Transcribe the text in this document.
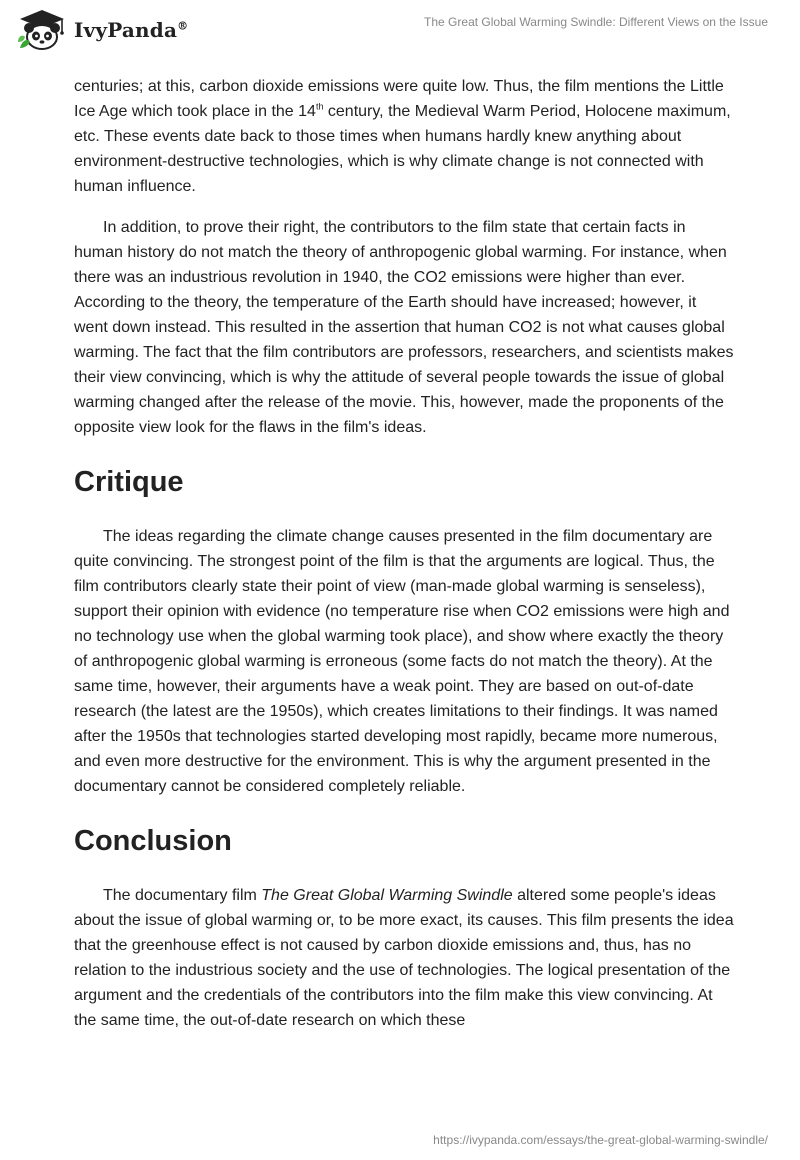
IvyPanda®	The Great Global Warming Swindle: Different Views on the Issue

centuries; at this, carbon dioxide emissions were quite low. Thus, the film mentions the Little Ice Age which took place in the 14th century, the Medieval Warm Period, Holocene maximum, etc. These events date back to those times when humans hardly knew anything about environment-destructive technologies, which is why climate change is not connected with human influence.

In addition, to prove their right, the contributors to the film state that certain facts in human history do not match the theory of anthropogenic global warming. For instance, when there was an industrious revolution in 1940, the CO2 emissions were higher than ever. According to the theory, the temperature of the Earth should have increased; however, it went down instead. This resulted in the assertion that human CO2 is not what causes global warming. The fact that the film contributors are professors, researchers, and scientists makes their view convincing, which is why the attitude of several people towards the issue of global warming changed after the release of the movie. This, however, made the proponents of the opposite view look for the flaws in the film's ideas.

Critique

The ideas regarding the climate change causes presented in the film documentary are quite convincing. The strongest point of the film is that the arguments are logical. Thus, the film contributors clearly state their point of view (man-made global warming is senseless), support their opinion with evidence (no temperature rise when CO2 emissions were high and no technology use when the global warming took place), and show where exactly the theory of anthropogenic global warming is erroneous (some facts do not match the theory). At the same time, however, their arguments have a weak point. They are based on out-of-date research (the latest are the 1950s), which creates limitations to their findings. It was named after the 1950s that technologies started developing most rapidly, became more numerous, and even more destructive for the environment. This is why the argument presented in the documentary cannot be considered completely reliable.

Conclusion

The documentary film The Great Global Warming Swindle altered some people's ideas about the issue of global warming or, to be more exact, its causes. This film presents the idea that the greenhouse effect is not caused by carbon dioxide emissions and, thus, has no relation to the industrious society and the use of technologies. The logical presentation of the argument and the credentials of the contributors into the film make this view convincing. At the same time, the out-of-date research on which these

https://ivypanda.com/essays/the-great-global-warming-swindle/
